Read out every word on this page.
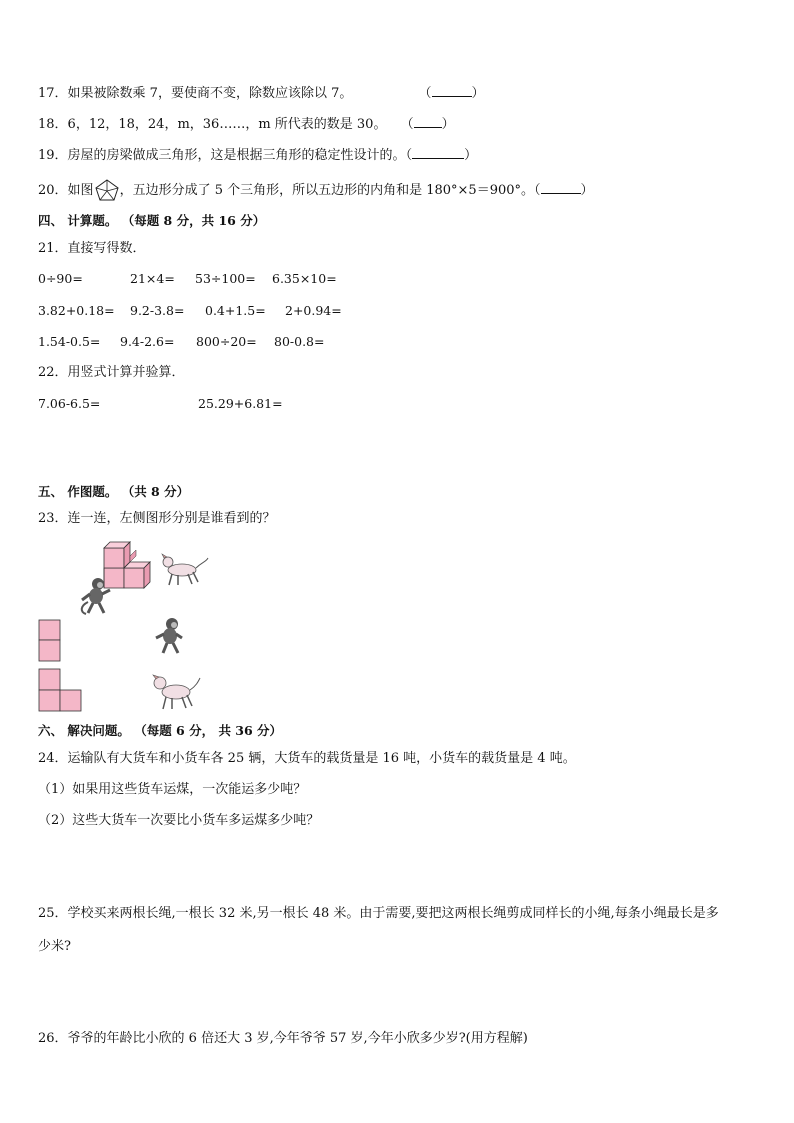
17．如果被除数乘 7，要使商不变，除数应该除以 7。	（	）
18．6，12，18，24，m，36……，m 所代表的数是 30。 （ ）
19．房屋的房梁做成三角形，这是根据三角形的稳定性设计的。（	）
20．如图 ，五边形分成了 5 个三角形，所以五边形的内角和是 180°×5＝900°。（	）
四、 计算题。 （每题 8 分，共 16 分）
21．直接写得数．
0÷90=	21×4= 53÷100= 6.35×10=
3.82+0.18= 9.2-3.8= 0.4+1.5= 2+0.94=
1.54-0.5= 9.4-2.6= 800÷20= 80-0.8=
22．用竖式计算并验算．
7.06-6.5=	25.29+6.81=
五、 作图题。 （共 8 分）
23．连一连，左侧图形分别是谁看到的？
六、 解决问题。 （每题 6 分， 共 36 分）
24．运输队有大货车和小货车各 25 辆，大货车的载货量是 16 吨，小货车的载货量是 4 吨。
（1）如果用这些货车运煤，一次能运多少吨？
（2）这些大货车一次要比小货车多运煤多少吨？
25．学校买来两根长绳,一根长 32 米,另一根长 48 米。由于需要,要把这两根长绳剪成同样长的小绳,每条小绳最长是多
少米?
26．爷爷的年龄比小欣的 6 倍还大 3 岁,今年爷爷 57 岁,今年小欣多少岁?(用方程解)
